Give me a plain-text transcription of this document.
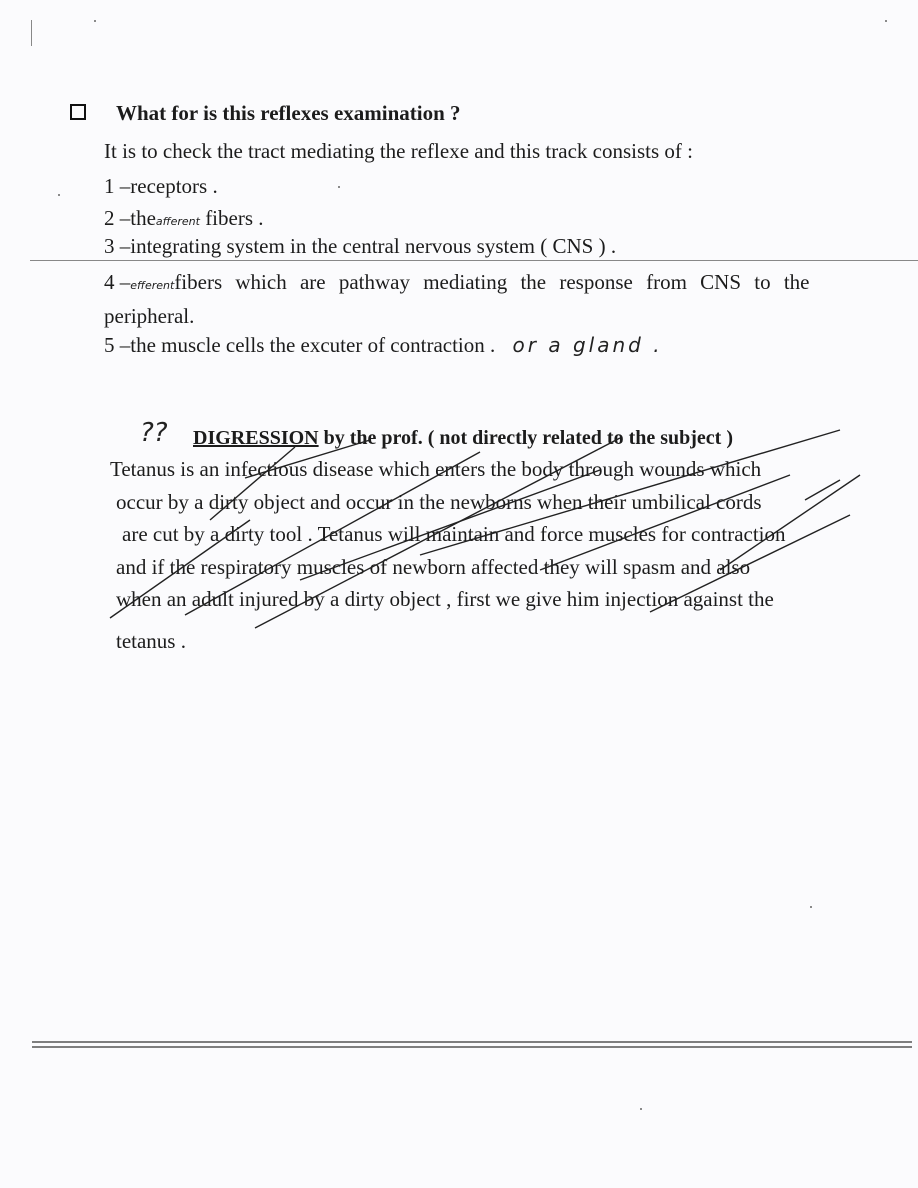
What for is this reflexes examination ?
It is to check the tract mediating the reflexe and this track consists of :
1 –receptors .
2 –theafferent fibers .
3 –integrating system in the central nervous system ( CNS ) .
4 –efferentfibers which are pathway mediating the response from CNS to the
peripheral.
5 –the muscle cells the excuter of contraction . or a gland .
?? DIGRESSION by the prof. ( not directly related to the subject )
Tetanus is an infectious disease which enters the body through wounds which
occur by a dirty object and occur in the newborns when their umbilical cords
are cut by a dirty tool . Tetanus will maintain and force muscles for contraction
and if the respiratory muscles of newborn affected they will spasm and also
when an adult injured by a dirty object , first we give him injection against the
tetanus .
